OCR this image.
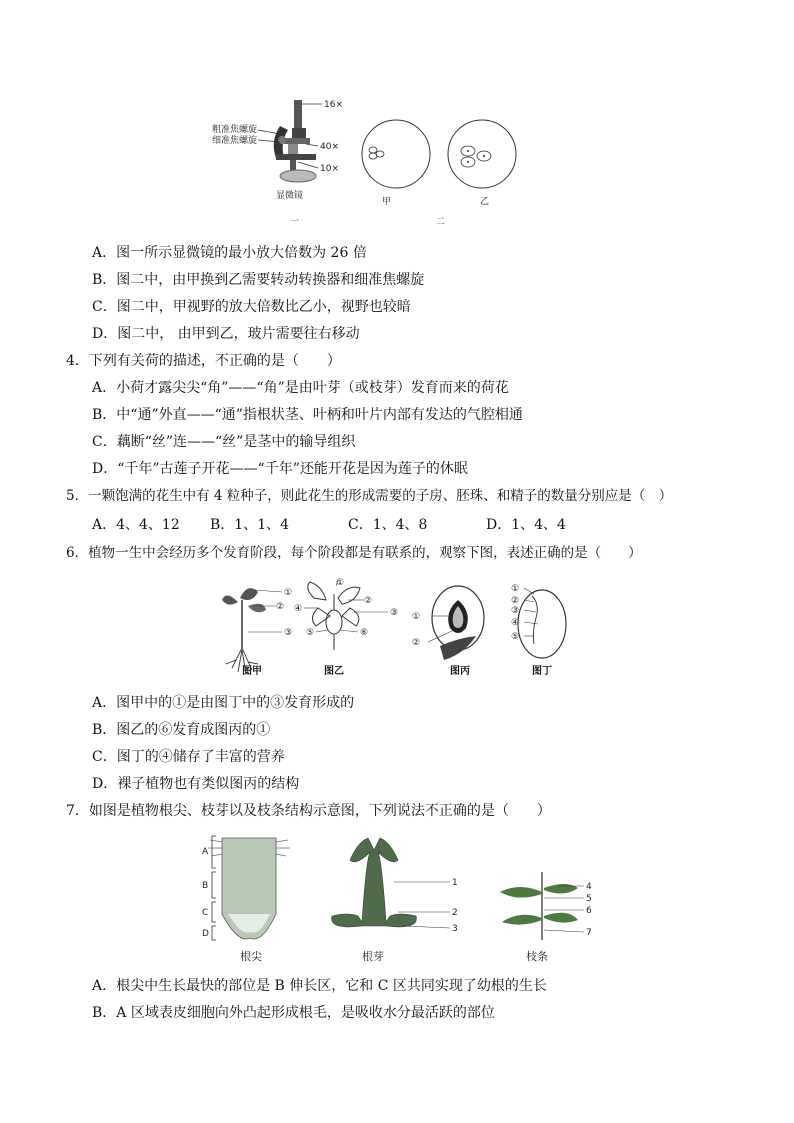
16×
40×
10×
粗准焦螺旋
细准焦螺旋
显微镜
一
甲	乙
二
A．图一所示显微镜的最小放大倍数为 26 倍
B．图二中，由甲换到乙需要转动转换器和细准焦螺旋
C．图二中，甲视野的放大倍数比乙小，视野也较暗
D．图二中， 由甲到乙，玻片需要往右移动
4．下列有关荷的描述，不正确的是（　　）
A．小荷才露尖尖“角”——“角”是由叶芽（或枝芽）发育而来的荷花
B．中“通”外直——“通”指根状茎、叶柄和叶片内部有发达的气腔相通
C．藕断“丝”连——“丝”是茎中的输导组织
D．“千年”古莲子开花——“千年”还能开花是因为莲子的休眠
5．一颗饱满的花生中有 4 粒种子，则此花生的形成需要的子房、胚珠、和精子的数量分别应是（　）
A．4、4、12 B．1、1、4	C．1、4、8	D．1、4、4
6．植物一生中会经历多个发育阶段，每个阶段都是有联系的，观察下图，表述正确的是（　　）
①
②
③
图甲
①
②
③
④
⑤	⑥
图乙
①
②
图丙
①
②
③
④
⑤
图丁
A．图甲中的①是由图丁中的③发育形成的
B．图乙的⑥发育成图丙的①
C．图丁的④储存了丰富的营养
D．裸子植物也有类似图丙的结构
7．如图是植物根尖、枝芽以及枝条结构示意图，下列说法不正确的是（　　）
A
B
C
D
根尖
1
2
3
根芽
4
5
6
7
枝条
A．根尖中生长最快的部位是 B 伸长区，它和 C 区共同实现了幼根的生长
B．A 区域表皮细胞向外凸起形成根毛，是吸收水分最活跃的部位
